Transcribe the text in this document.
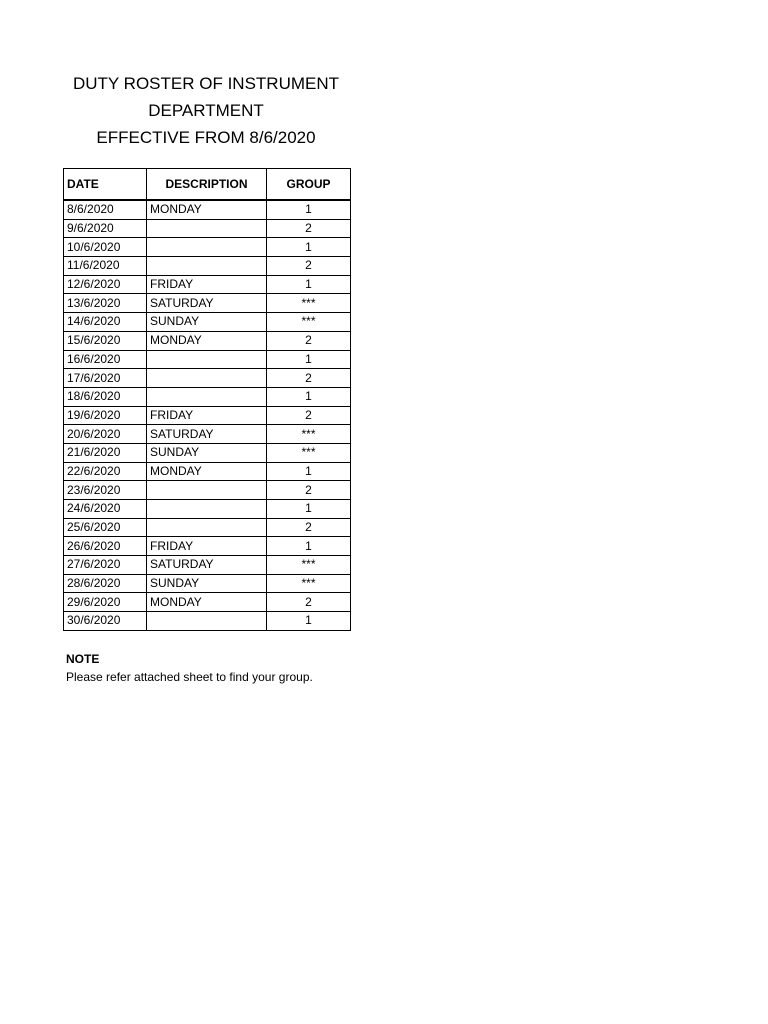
DUTY ROSTER OF INSTRUMENT
DEPARTMENT
EFFECTIVE FROM 8/6/2020
DATE	DESCRIPTION	GROUP
8/6/2020	MONDAY	1
9/6/2020		2
10/6/2020		1
11/6/2020		2
12/6/2020	FRIDAY	1
13/6/2020	SATURDAY	***
14/6/2020	SUNDAY	***
15/6/2020	MONDAY	2
16/6/2020		1
17/6/2020		2
18/6/2020		1
19/6/2020	FRIDAY	2
20/6/2020	SATURDAY	***
21/6/2020	SUNDAY	***
22/6/2020	MONDAY	1
23/6/2020		2
24/6/2020		1
25/6/2020		2
26/6/2020	FRIDAY	1
27/6/2020	SATURDAY	***
28/6/2020	SUNDAY	***
29/6/2020	MONDAY	2
30/6/2020		1
NOTE
Please refer attached sheet to find your group.
